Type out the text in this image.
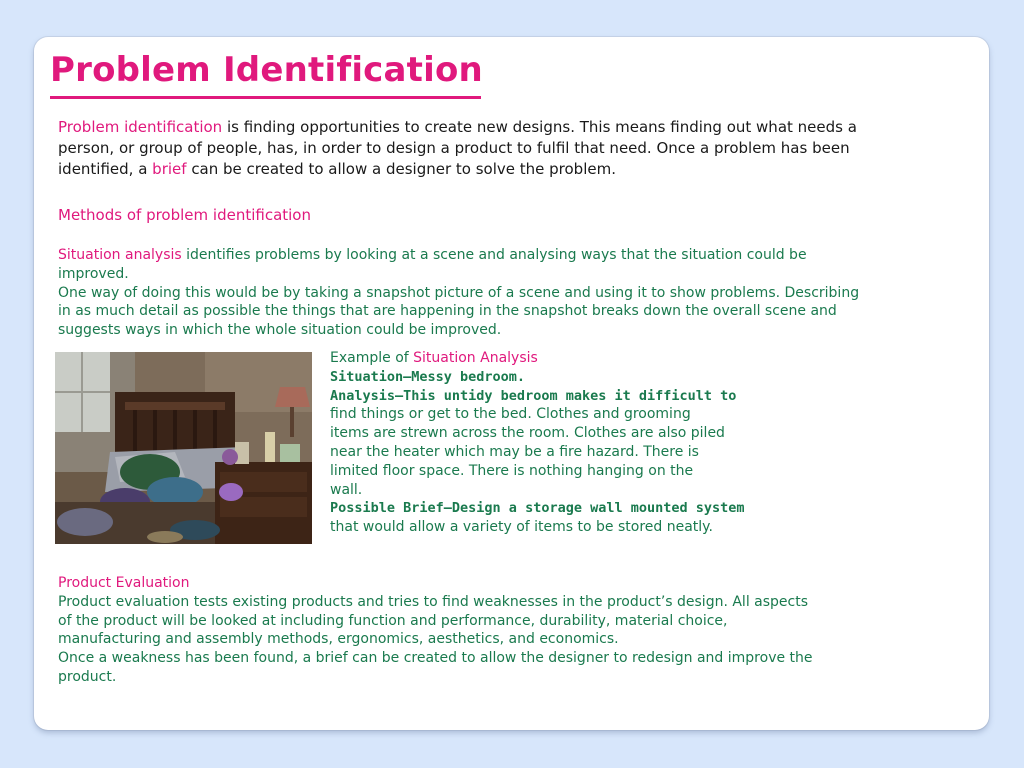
Problem Identification

Problem identification is finding opportunities to create new designs. This means finding out what needs a
person, or group of people, has, in order to design a product to fulfil that need. Once a problem has been
identified, a brief can be created to allow a designer to solve the problem.

Methods of problem identification

Situation analysis identifies problems by looking at a scene and analysing ways that the situation could be
improved.
One way of doing this would be by taking a snapshot picture of a scene and using it to show problems. Describing
in as much detail as possible the things that are happening in the snapshot breaks down the overall scene and
suggests ways in which the whole situation could be improved.

Example of Situation Analysis
Situation—Messy bedroom.
Analysis—This untidy bedroom makes it difficult to
find things or get to the bed. Clothes and grooming
items are strewn across the room. Clothes are also piled
near the heater which may be a fire hazard. There is
limited floor space. There is nothing hanging on the
wall.
Possible Brief—Design a storage wall mounted system
that would allow a variety of items to be stored neatly.

Product Evaluation
Product evaluation tests existing products and tries to find weaknesses in the product’s design. All aspects
of the product will be looked at including function and performance, durability, material choice,
manufacturing and assembly methods, ergonomics, aesthetics, and economics.
Once a weakness has been found, a brief can be created to allow the designer to redesign and improve the
product.
